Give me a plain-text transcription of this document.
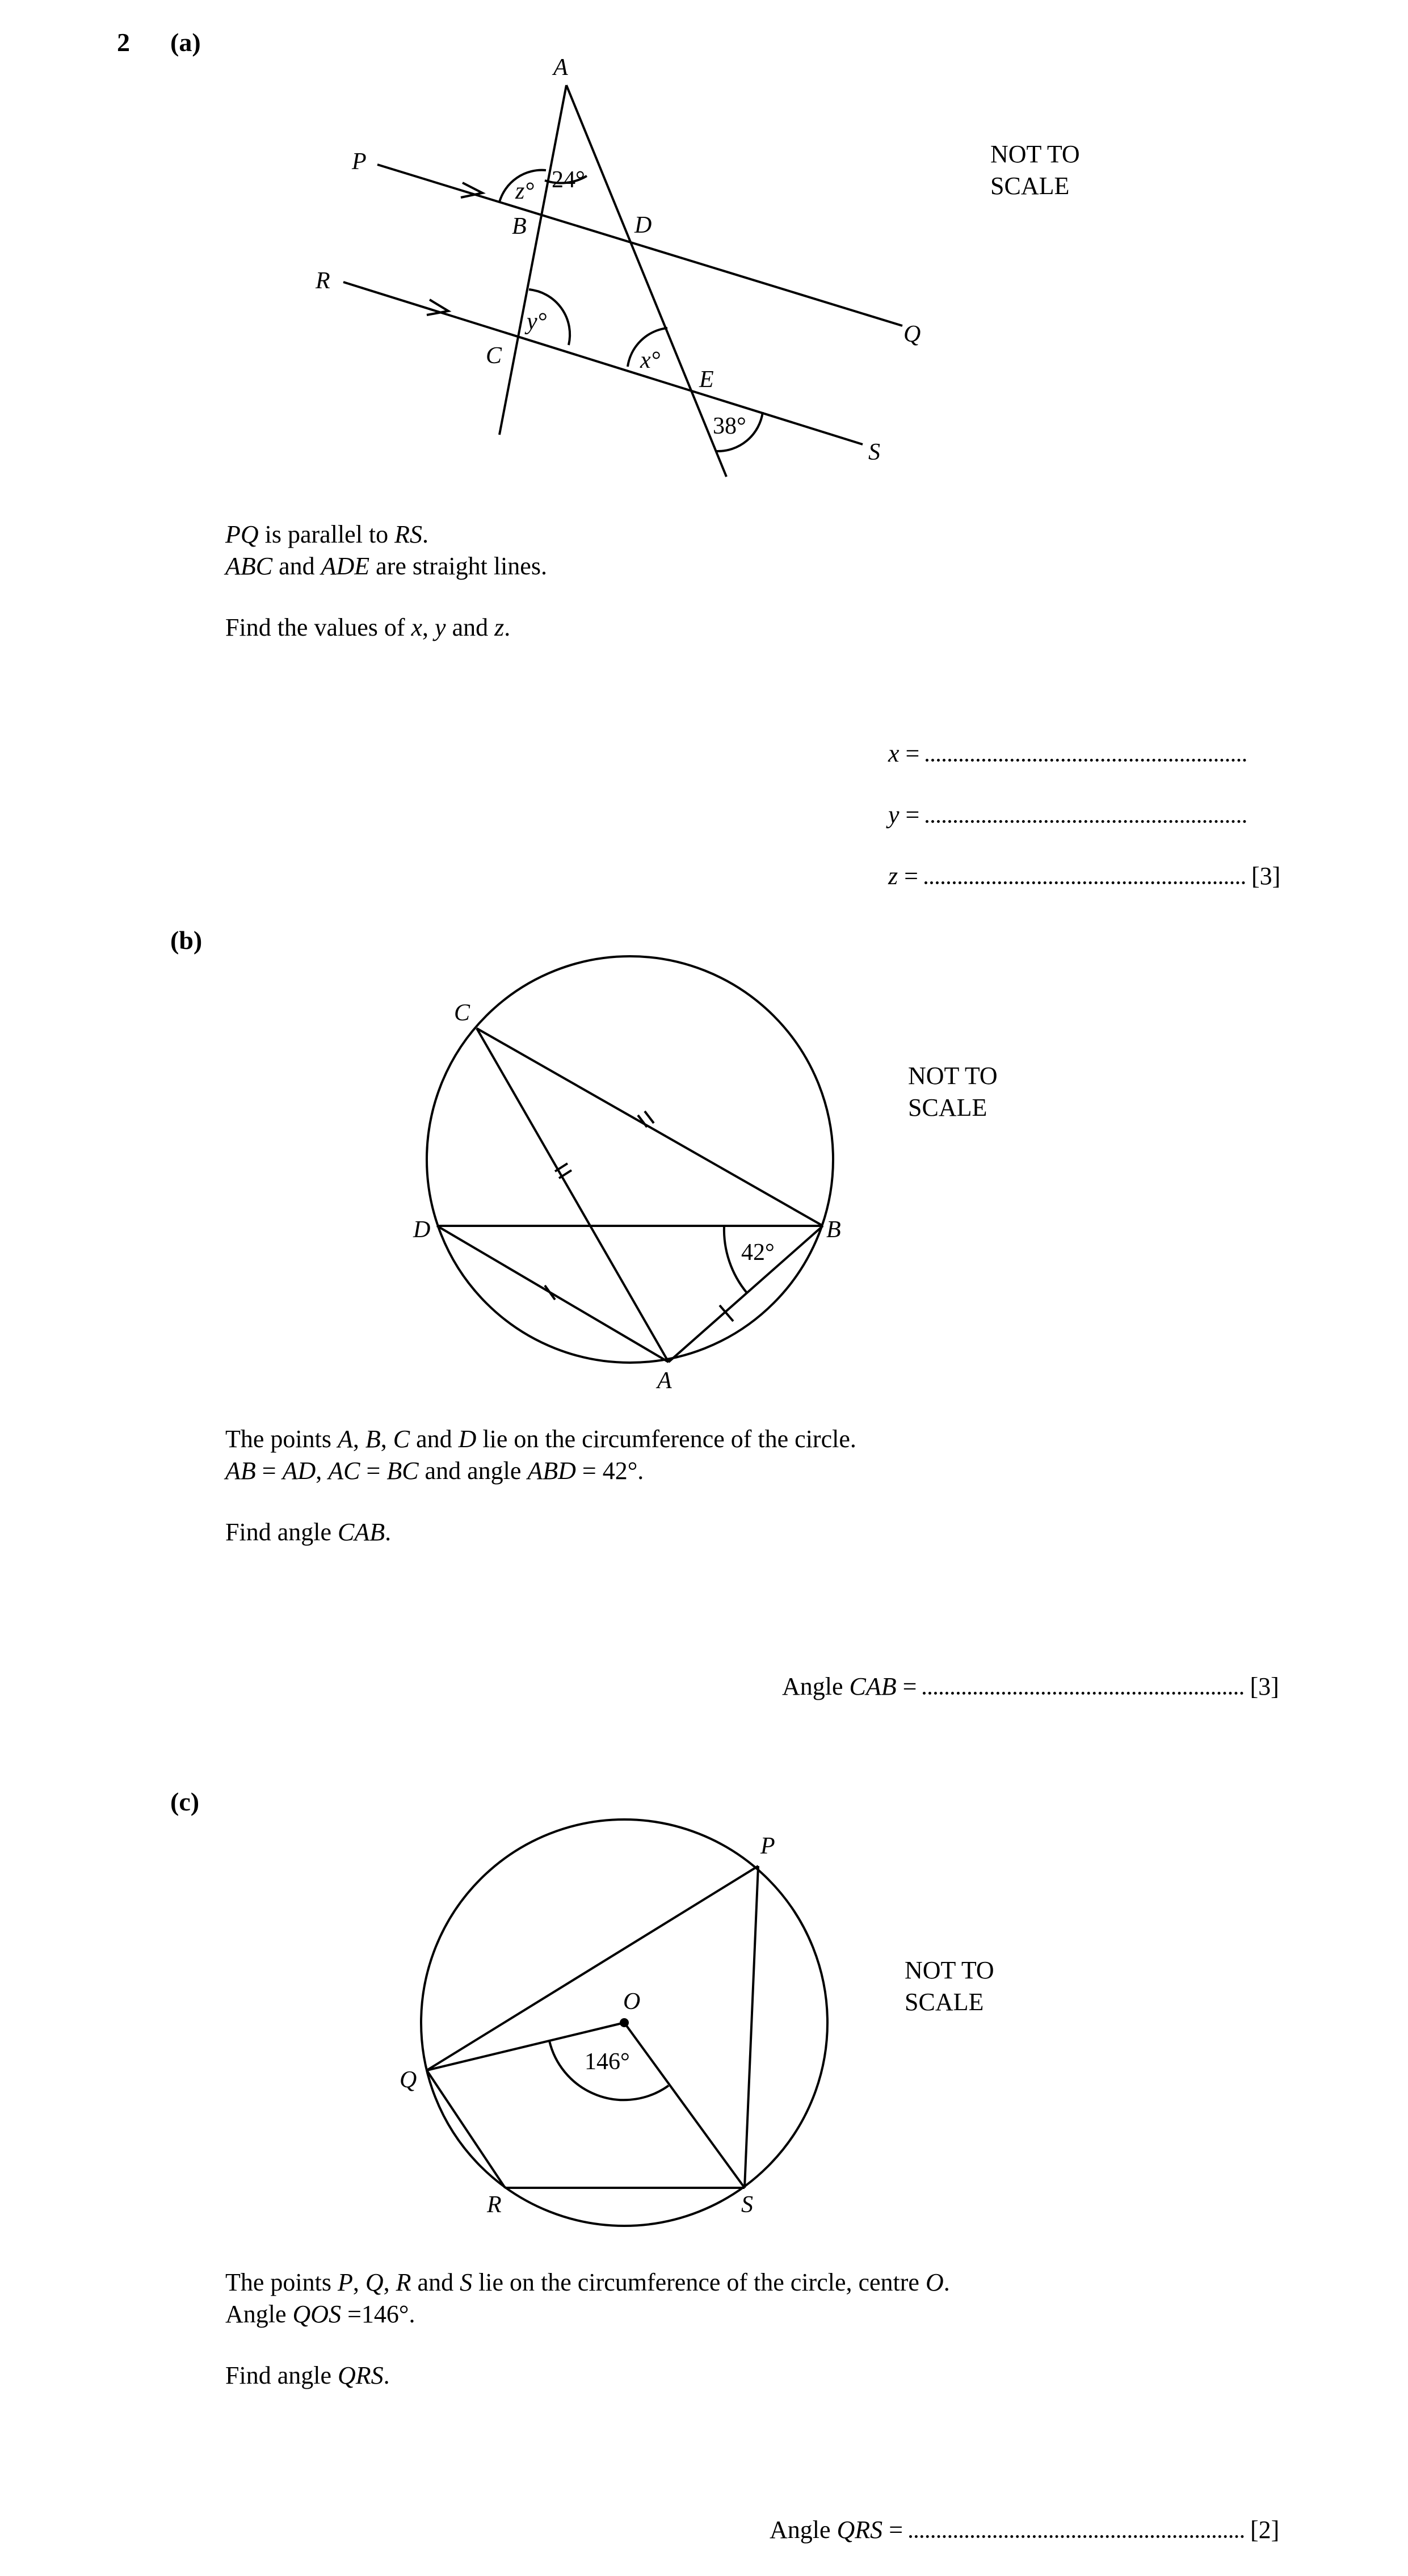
2 (a)
A
P
R
B	D
Q
C
E
S
z° 24°
y°
x°
38°
NOT TO
SCALE
PQ is parallel to RS.
ABC and ADE are straight lines.
Find the values of x, y and z.
x =
y =
z =	[3]
(b)
C
D	B
A
42°
NOT TO
SCALE
The points A, B, C and D lie on the circumference of the circle.
AB = AD, AC = BC and angle ABD = 42°.
Find angle CAB.
Angle CAB =	[3]
(c)
O
P
Q
R	S
146°
NOT TO
SCALE
The points P, Q, R and S lie on the circumference of the circle, centre O.
Angle QOS =146°.
Find angle QRS.
Angle QRS =	[2]
